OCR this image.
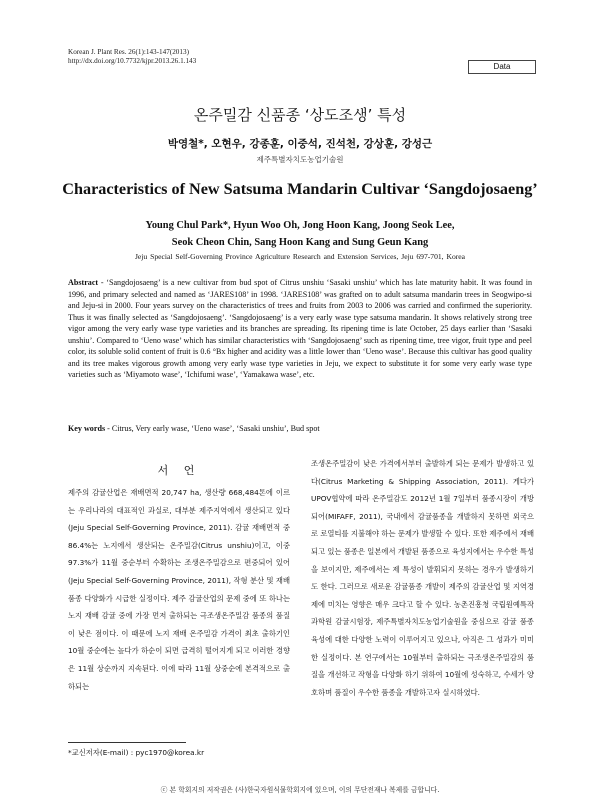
Korean J. Plant Res. 26(1):143-147(2013)
http://dx.doi.org/10.7732/kjpr.2013.26.1.143
Data
온주밀감 신품종 ‘상도조생’ 특성
박영철*, 오현우, 강종훈, 이중석, 진석천, 강상훈, 강성근
제주특별자치도농업기술원
Characteristics of New Satsuma Mandarin Cultivar ‘Sangdojosaeng’
Young Chul Park*, Hyun Woo Oh, Jong Hoon Kang, Joong Seok Lee,
Seok Cheon Chin, Sang Hoon Kang and Sung Geun Kang
Jeju Special Self-Governing Province Agriculture Research and Extension Services, Jeju 697-701, Korea
Abstract - ‘Sangdojosaeng’ is a new cultivar from bud spot of Citrus unshiu ‘Sasaki unshiu’ which has late maturity habit. It was found in 1996, and primary selected and named as ‘JARES108’ in 1998. ‘JARES108’ was grafted on to adult satsuma mandarin trees in Seogwipo-si and Jeju-si in 2000. Four years survey on the characteristics of trees and fruits from 2003 to 2006 was carried and confirmed the superiority. Thus it was finally selected as ‘Sangdojosaeng’. ‘Sangdojosaeng’ is a very early wase type satsuma mandarin. It shows relatively strong tree vigor among the very early wase type varieties and its branches are spreading. Its ripening time is late October, 25 days earlier than ‘Sasaki unshiu’. Compared to ‘Ueno wase’ which has similar characteristics with ‘Sangdojosaeng’ such as ripening time, tree vigor, fruit type and peel color, its soluble solid content of fruit is 0.6 °Bx higher and acidity was a little lower than ‘Ueno wase’. Because this cultivar has good quality and its tree makes vigorous growth among very early wase type varieties in Jeju, we expect to substitute it for some very early wase type varieties such as ‘Miyamoto wase’, ‘Ichifumi wase’, ‘Yamakawa wase’, etc.
Key words - Citrus, Very early wase, ‘Ueno wase’, ‘Sasaki unshiu’, Bud spot
서 언
제주의 감귤산업은 재배면적 20,747 ha, 생산량 668,484톤에 이르는 우리나라의 대표적인 과실로, 대부분 제주지역에서 생산되고 있다(Jeju Special Self-Governing Province, 2011). 감귤 재배면적 중 86.4%는 노지에서 생산되는 온주밀감(Citrus unshiu)이고, 이중 97.3%가 11월 중순부터 수확하는 조생온주밀감으로 편중되어 있어(Jeju Special Self-Governing Province, 2011), 작형 분산 및 재배품종 다양화가 시급한 실정이다. 제주 감귤산업의 문제 중에 또 하나는 노지 재배 감귤 중에 가장 먼저 출하되는 극조생온주밀감 품종의 품질이 낮은 점이다. 이 때문에 노지 재배 온주밀감 가격이 최초 출하기인 10월 중순에는 높다가 하순이 되면 급격히 떨어지게 되고 이러한 경향은 11월 상순까지 지속된다. 이에 따라 11월 상중순에 본격적으로 출하되는
조생온주밀감이 낮은 가격에서부터 출발하게 되는 문제가 발생하고 있다(Citrus Marketing & Shipping Association, 2011). 게다가 UPOV협약에 따라 온주밀감도 2012년 1월 7일부터 품종시장이 개방되어(MIFAFF, 2011), 국내에서 감귤품종을 개발하지 못하면 외국으로 로열티를 지불해야 하는 문제가 발생할 수 있다. 또한 제주에서 재배되고 있는 품종은 일본에서 개발된 품종으로 육성지에서는 우수한 특성을 보이지만, 제주에서는 제 특성이 발휘되지 못하는 경우가 발생하기도 한다. 그러므로 새로운 감귤품종 개발이 제주의 감귤산업 및 지역경제에 미치는 영향은 매우 크다고 할 수 있다. 농촌진흥청 국립원예특작과학원 감귤시험장, 제주특별자치도농업기술원을 중심으로 감귤 품종 육성에 대한 다양한 노력이 이루어지고 있으나, 아직은 그 성과가 미미한 실정이다. 본 연구에서는 10월부터 출하되는 극조생온주밀감의 품질을 개선하고 작형을 다양화 하기 위하여 10월에 성숙하고, 수세가 양호하며 품질이 우수한 품종을 개발하고자 실시하였다.
*교신저자(E-mail) : pyc1970@korea.kr
ⓒ 본 학회지의 저작권은 (사)한국자원식물학회지에 있으며, 이의 무단전재나 복제를 금합니다.
